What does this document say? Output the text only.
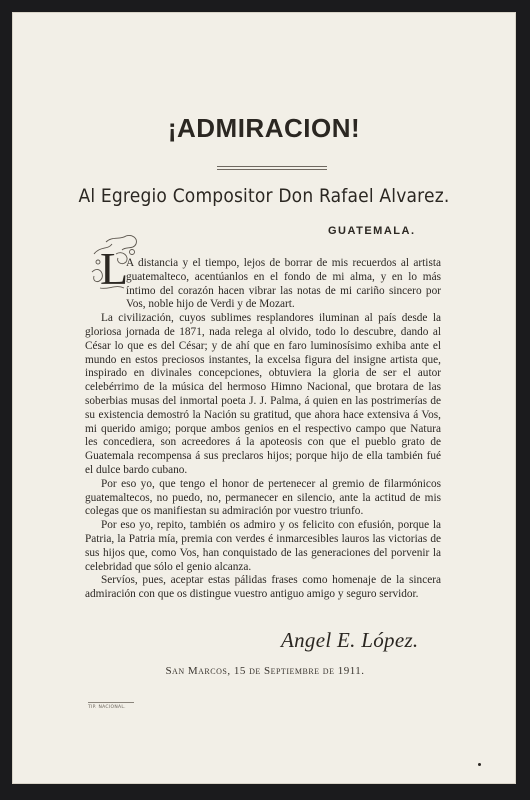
¡ADMIRACION!
Al Egregio Compositor Don Rafael Alvarez.
GUATEMALA.
L

A distancia y el tiempo, lejos de borrar de mis recuerdos al artista guatemalteco, acentúanlos en el fondo de mi alma, y en lo más íntimo del corazón hacen vibrar las notas de mi cariño sincero por Vos, noble hijo de Verdi y de Mozart.

La civilización, cuyos sublimes resplandores iluminan al país desde la gloriosa jornada de 1871, nada relega al olvido, todo lo descubre, dando al César lo que es del César; y de ahí que en faro luminosísimo exhiba ante el mundo en estos preciosos instantes, la excelsa figura del insigne artista que, inspirado en divinales concepciones, obtuviera la gloria de ser el autor celebérrimo de la música del hermoso Himno Nacional, que brotara de las soberbias musas del inmortal poeta J. J. Palma, á quien en las postrimerías de su existencia demostró la Nación su gratitud, que ahora hace extensiva á Vos, mi querido amigo; porque ambos genios en el respectivo campo que Natura les concediera, son acreedores á la apoteosis con que el pueblo grato de Guatemala recompensa á sus preclaros hijos; porque hijo de ella también fué el dulce bardo cubano.

Por eso yo, que tengo el honor de pertenecer al gremio de filarmónicos guatemaltecos, no puedo, no, permanecer en silencio, ante la actitud de mis colegas que os manifiestan su admiración por vuestro triunfo.

Por eso yo, repito, también os admiro y os felicito con efusión, porque la Patria, la Patria mía, premia con verdes é inmarcesibles lauros las victorias de sus hijos que, como Vos, han conquistado de las generaciones del porvenir la celebridad que sólo el genio alcanza.

Servíos, pues, aceptar estas pálidas frases como homenaje de la sincera admiración con que os distingue vuestro antiguo amigo y seguro servidor.

Angel E. López.
San Marcos, 15 de Septiembre de 1911.
TIP. NACIONAL.
